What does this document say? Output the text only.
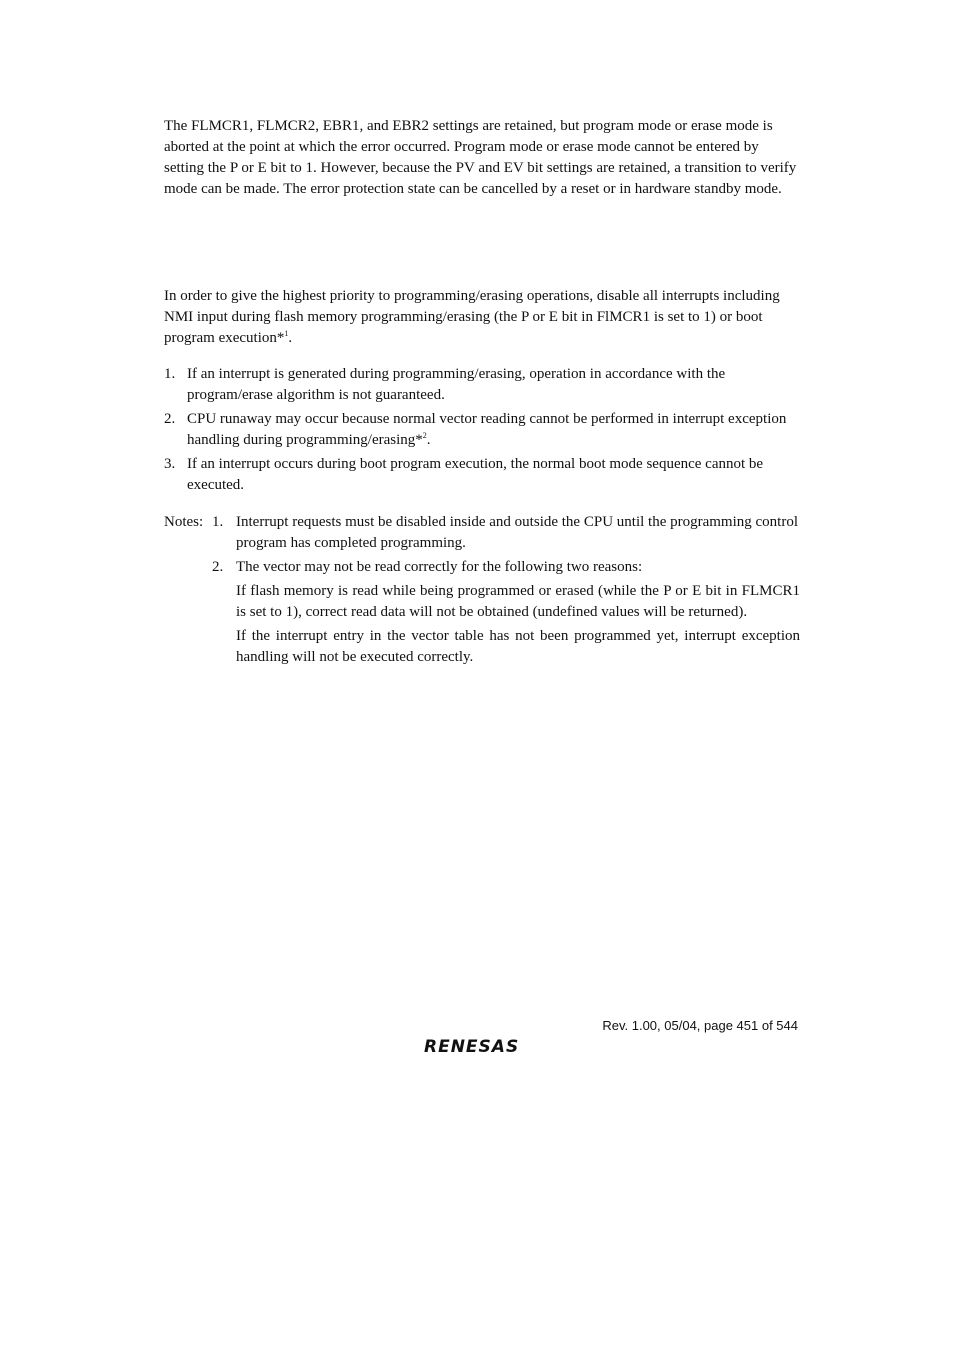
The FLMCR1, FLMCR2, EBR1, and EBR2 settings are retained, but program mode or erase mode is aborted at the point at which the error occurred. Program mode or erase mode cannot be entered by setting the P or E bit to 1. However, because the PV and EV bit settings are retained, a transition to verify mode can be made. The error protection state can be cancelled by a reset or in hardware standby mode.

In order to give the highest priority to programming/erasing operations, disable all interrupts including NMI input during flash memory programming/erasing (the P or E bit in FlMCR1 is set to 1) or boot program execution*$^1$.

1. If an interrupt is generated during programming/erasing, operation in accordance with the program/erase algorithm is not guaranteed.
2. CPU runaway may occur because normal vector reading cannot be performed in interrupt exception handling during programming/erasing*$^2$.
3. If an interrupt occurs during boot program execution, the normal boot mode sequence cannot be executed.
Notes: 1. Interrupt requests must be disabled inside and outside the CPU until the programming control program has completed programming.
2. The vector may not be read correctly for the following two reasons:
If flash memory is read while being programmed or erased (while the P or E bit in FLMCR1 is set to 1), correct read data will not be obtained (undefined values will be returned).
If the interrupt entry in the vector table has not been programmed yet, interrupt exception handling will not be executed correctly.
Rev. 1.00, 05/04, page 451 of 544
RENESAS
